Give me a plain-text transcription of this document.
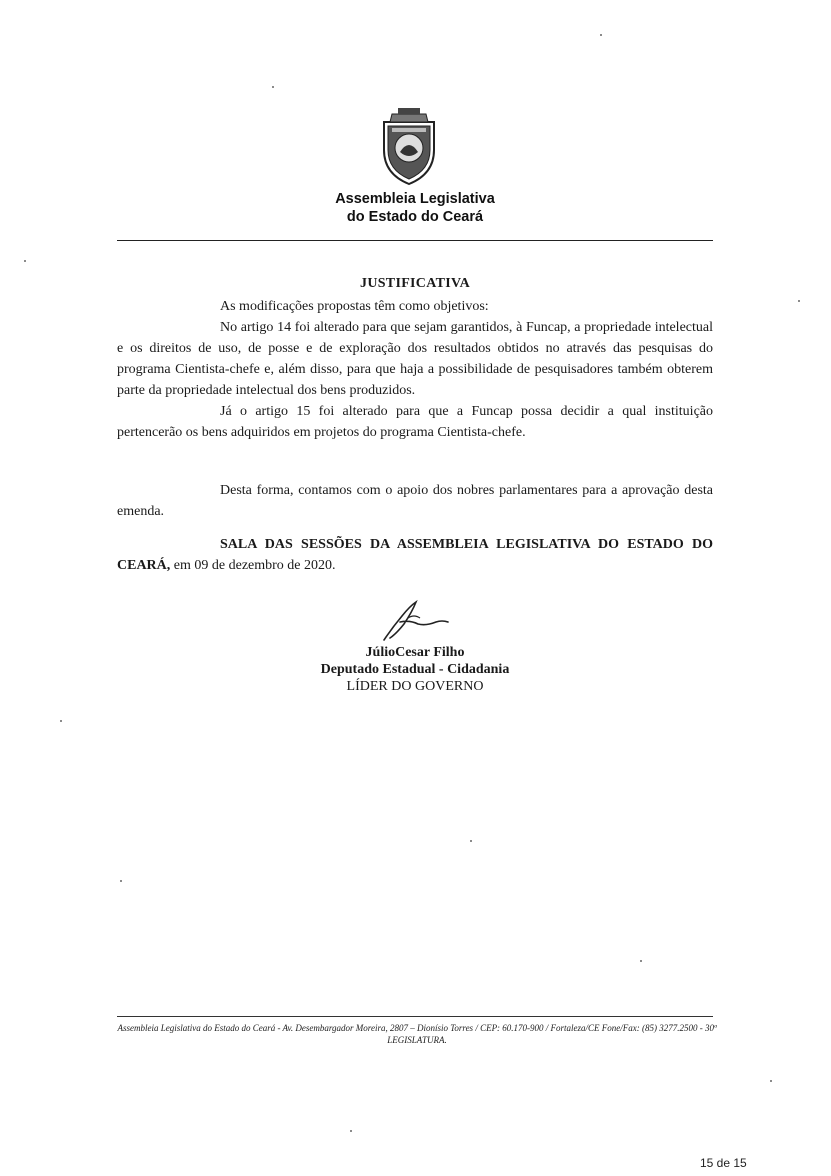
Assembleia Legislativa
do Estado do Ceará
JUSTIFICATIVA

As modificações propostas têm como objetivos:

No artigo 14 foi alterado para que sejam garantidos, à Funcap, a propriedade intelectual e os direitos de uso, de posse e de exploração dos resultados obtidos no através das pesquisas do programa Cientista-chefe e, além disso, para que haja a possibilidade de pesquisadores também obterem parte da propriedade intelectual dos bens produzidos.

Já o artigo 15 foi alterado para que a Funcap possa decidir a qual instituição pertencerão os bens adquiridos em projetos do programa Cientista-chefe.

Desta forma, contamos com o apoio dos nobres parlamentares para a aprovação desta emenda.

SALA DAS SESSÕES DA ASSEMBLEIA LEGISLATIVA DO ESTADO DO CEARÁ, em 09 de dezembro de 2020.

JúlioCesar Filho
Deputado Estadual - Cidadania
LÍDER DO GOVERNO
Assembleia Legislativa do Estado do Ceará - Av. Desembargador Moreira, 2807 – Dionísio Torres / CEP: 60.170-900 / Fortaleza/CE Fone/Fax: (85) 3277.2500 - 30ª LEGISLATURA.
15 de 15
